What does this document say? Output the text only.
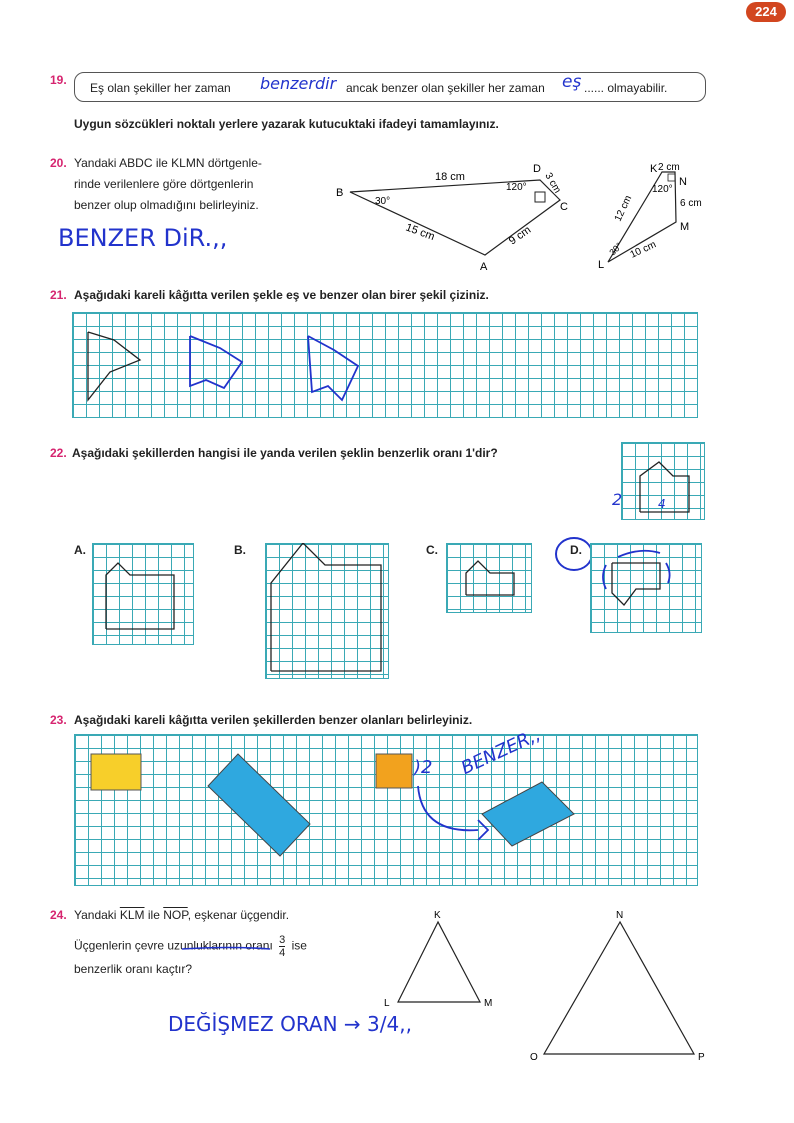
224
19.
Eş olan şekiller her zaman benzerdir ancak benzer olan şekiller her zaman eş ...... olmayabilir.
Uygun sözcükleri noktalı yerlere yazarak kutucuktaki ifadeyi tamamlayınız.
20. Yandaki ABDC ile KLMN dörtgenle-
rinde verilenlere göre dörtgenlerin
benzer olup olmadığını belirleyiniz.
BENZER DiR.,,
B
D
C
A
18 cm
30°
120° 3 cm
15 cm	9 cm
K
N
M
L
2 cm
6 cm
120°
12 cm
30° 10 cm
21. Aşağıdaki kareli kâğıtta verilen şekle eş ve benzer olan birer şekil çiziniz.
22. Aşağıdaki şekillerden hangisi ile yanda verilen şeklin benzerlik oranı 1'dir?
2	4
A.	B.	C.	D.
23. Aşağıdaki kareli kâğıtta verilen şekillerden benzer olanları belirleyiniz.
)2 BENZER,,
24. Yandaki $\overline{KLM}$ ile $\overline{NOP}$, eşkenar üçgendir.
Üçgenlerin çevre uzunluklarının oranı $\frac{3}{4}$ ise
benzerlik oranı kaçtır?
DEĞİŞMEZ ORAN → 3/4,,
K
L	M
N
O	P
